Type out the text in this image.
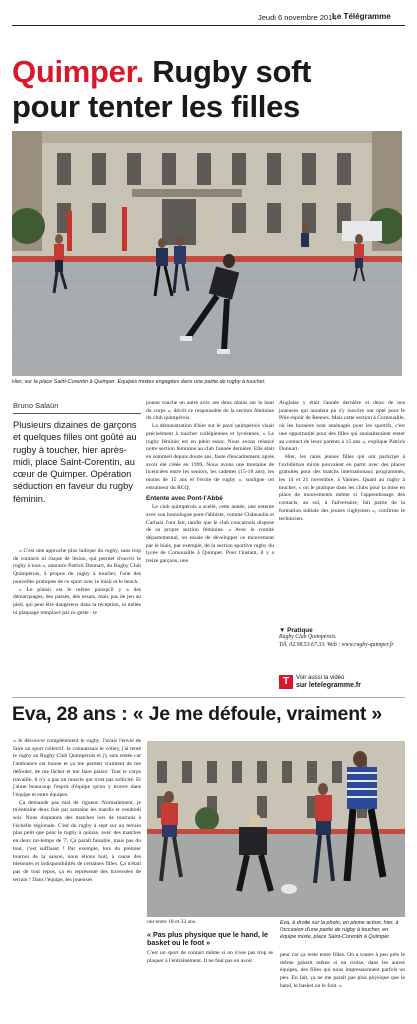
Jeudi 6 novembre 2014
Le Télégramme
Quimper. Rugby soft
pour tenter les filles
Hier, sur la place Saint-Corentin à Quimper. Équipes mixtes engagées dans une partie de rugby à toucher.
Bruno Salaün
Plusieurs dizaines de garçons et quelques filles ont goûté au rugby à toucher, hier après-midi, place Saint-Corentin, au cœur de Quimper. Opération séduction en faveur du rugby féminin.

« C'est une approche plus ludique du rugby, sans trop de contacts ni risque de lésion, qui permet d'ouvrir le rugby à tous », annonce Patrick Donnart, du Rugby Club Quimpérois, à propos du rugby à toucher, l'une des nouvelles pratiques de ce sport avec le loisir et le beach.

« Le plaisir est le même puisqu'il y a des démarquages, des passes, des essais, mais pas de jeu au pied, qui peut être dangereux dans la réception, ni mêlée ni plaquage remplacé par ce geste : le

joueur touche un autre avec ses deux mains sur le haut du corps », décrit ce responsable de la section féminine du club quimpérois.

La démonstration d'hier sur le pavé quimpérois visait précisément à toucher collégiennes et lycéennes. « Le rugby féminin est en plein essor. Nous avons relancé notre section féminine au club l'année dernière. Elle était en sommeil depuis douze ans, faute d'encadrement, après avoir été créée en 1999. Nous avons une trentaine de licenciées entre les seniors, les cadettes (15-18 ans), les moins de 15 ans et l'école de rugby », souligne cet entraîneur du RCQ.

Entente avec Pont-l'Abbé

Le club quimpérois a scellé, cette année, une entente avec son homologue pont-l'abbiste, comme Châteaulin et Carhaix l'ont fait, tandis que le club concarnois dispose de sa propre section féminine. « Avec le comité départemental, on essaie de développer ce mouvement par le biais, par exemple, de la section sportive rugby du lycée de Cornouaille à Quimper. Pour l'instant, il y a treize garçons, une

Anglaise y était l'année dernière et deux de nos joueuses qui auraient pu s'y inscrire ont opté pour le Pôle espoir de Rennes. Mais cette section à Cornouaille, où les horaires sont aménagés pour les sportifs, c'est une opportunité pour des filles qui souhaiteraient rester au contact de leurs parents à 15 ans », explique Patrick Donnart.

Hier, les rares jeunes filles qui ont participé à l'exhibition mixte pouvaient en partir avec des places gratuites pour des matchs internationaux programmés, les 14 et 21 novembre, à Vannes. Quant au rugby à toucher, « on le pratique dans les clubs pour la mise en place de mouvements même si l'apprentissage des contacts, au sol, à l'adversaire, fait partie de la formation initiale des jeunes rugbymen », confirme le technicien.

▼ Pratique
Rugby Club Quimpérois.
Tél. 02.98.53.67.33. Web : www.rugby-quimper.fr
T	Voir aussi la vidéo
sur letelegramme.fr
Eva, 28 ans : « Je me défoule, vraiment »

« Je découvre complètement le rugby. J'avais l'envie de faire un sport collectif. Je connaissais le volley, j'ai tenté le rugby au Rugby Club Quimpérois et j'y suis restée car l'ambiance est bonne et ça me permet vraiment de me défouler, de me lâcher et me faire plaisir. Tout le corps travaille, il n'y a pas un muscle qui n'est pas sollicité. Et j'aime beaucoup l'esprit d'équipe qu'on y trouve dans l'équipe et entre équipes.

Ça demande pas mal de rigueur. Normalement, je m'entraîne deux fois par semaine les mardis et vendredi soir. Nous disputons des matches lors de tournois à l'échelle régionale. C'est du rugby à sept sur un terrain plus petit que pour le rugby à quinze, avec des matches en deux mi-temps de 7'. Ça paraît faisable, mais pas du tout, c'est suffisant ! Par exemple, lors du premier tournoi de la saison, nous étions huit, à cause des blessures et indisponibilités de certaines filles. Ça n'était pas de tout repos, ça en représente des traversées de terrain ! Dans l'équipe, les joueuses

ont entre 18 et 33 ans.

« Pas plus physique que le hand, le basket ou le foot »

C'est un sport de contact même si on n'ose pas trop se plaquer à l'entraînement. Il ne faut pas en avoir

Eva, à droite sur la photo, en pleine action, hier, à l'occasion d'une partie de rugby à toucher, en équipe mixte, place Saint-Corentin à Quimper.

peur car ça reste entre filles. On a toutes à peu près le même gabarit même si on croise, dans les autres équipes, des filles qui nous impressionnent parfois un peu. En fait, ça ne me paraît pas plus physique que le hand, le basket ou le foot. »
